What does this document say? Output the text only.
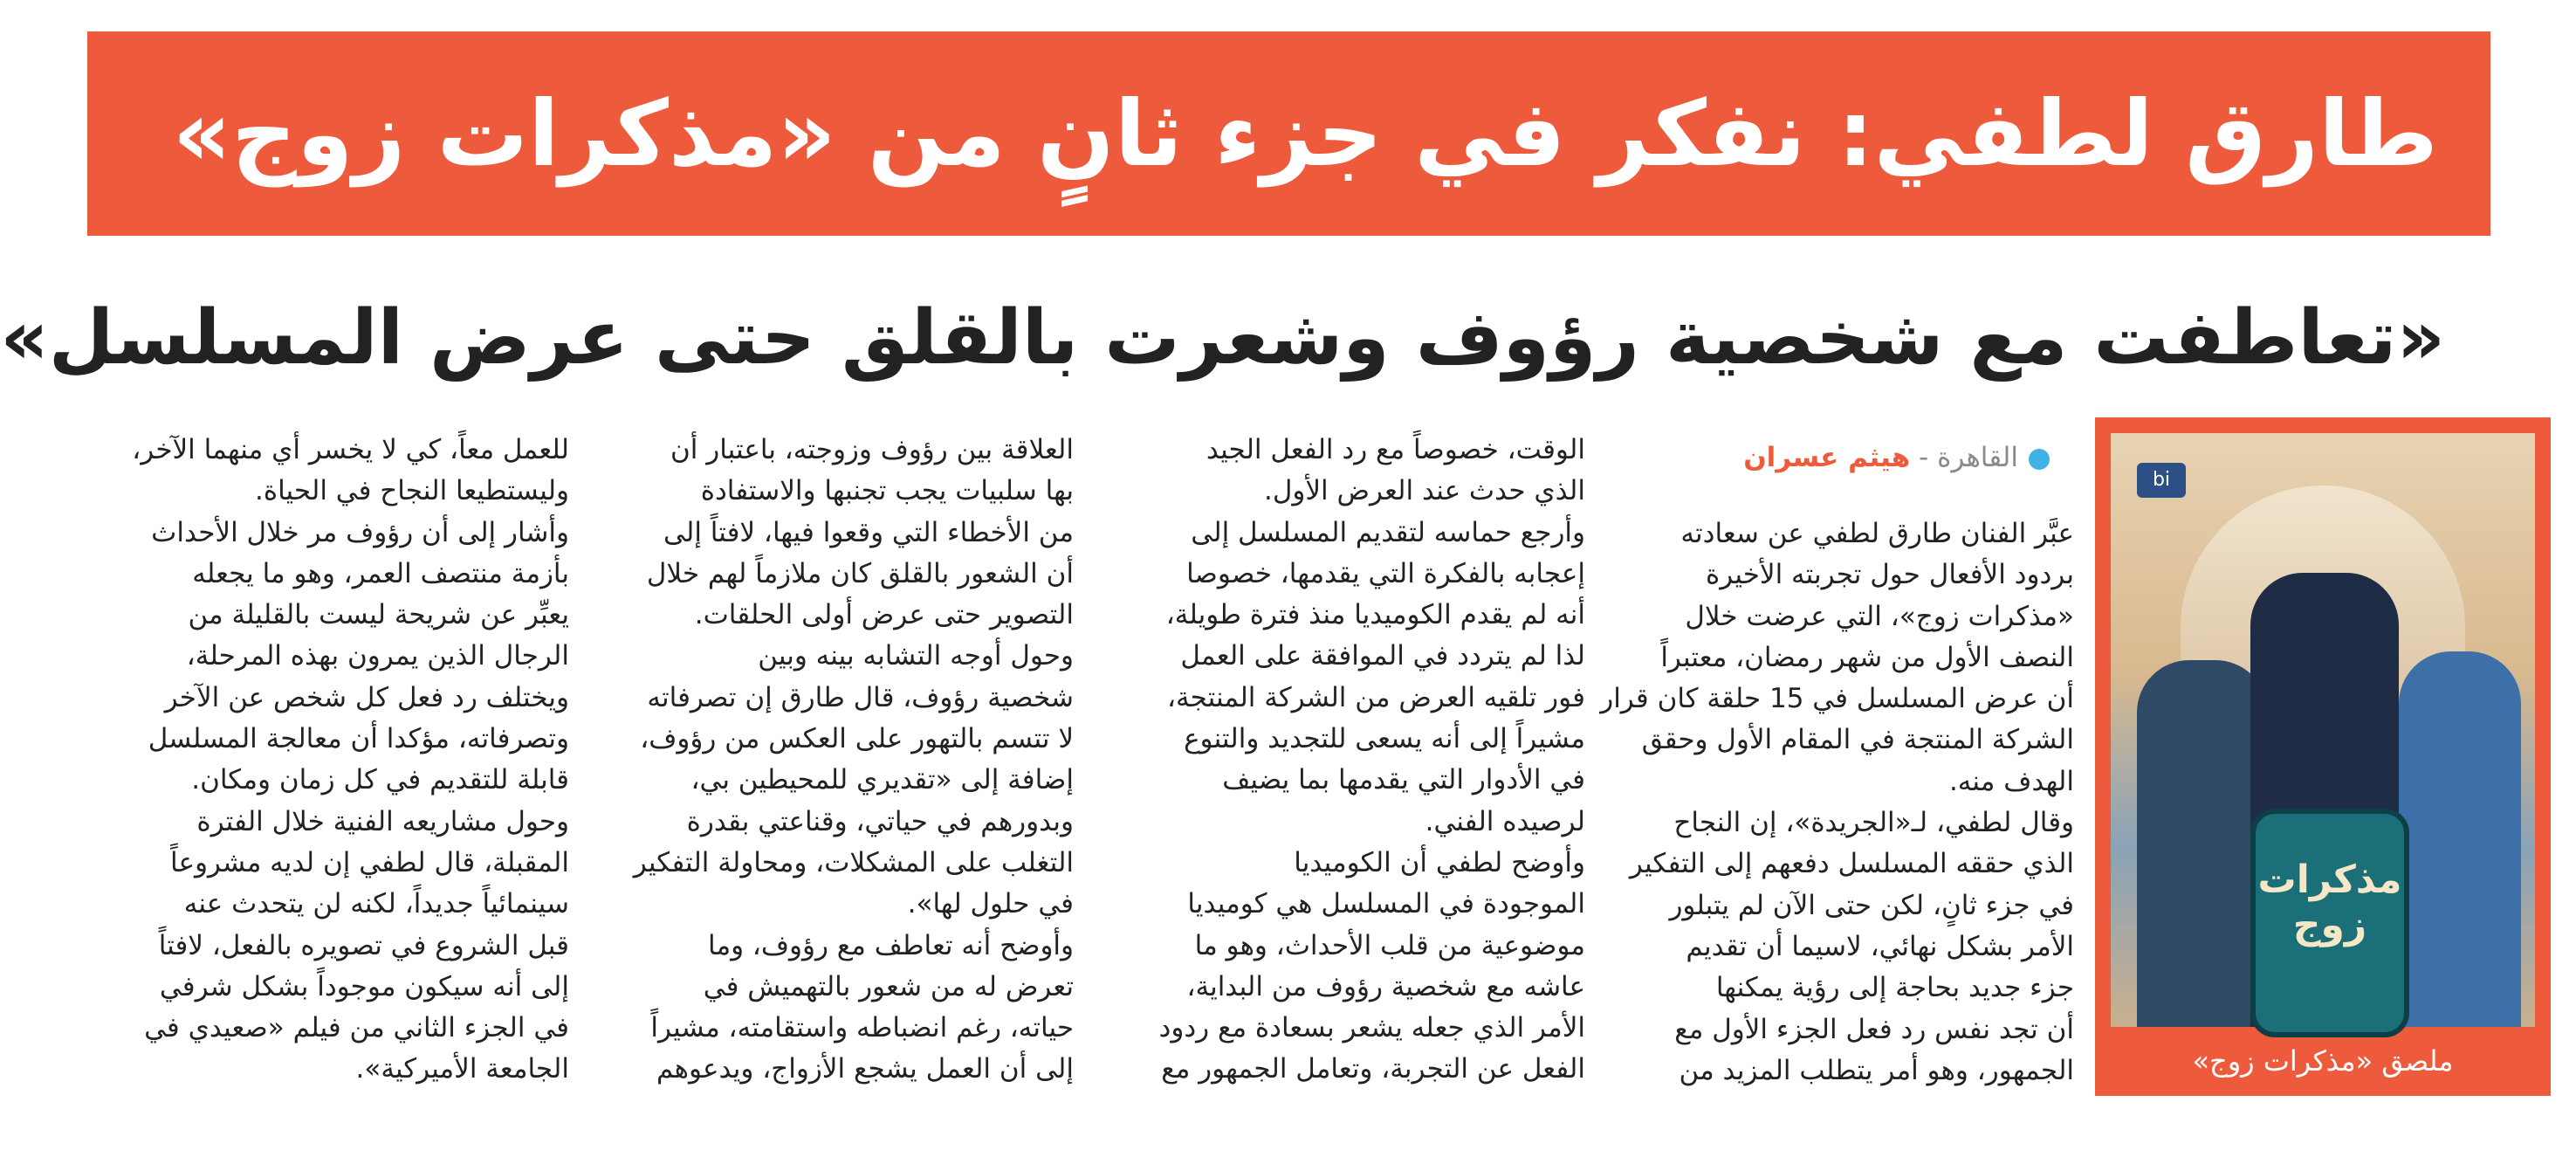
طارق لطفي: نفكر في جزء ثانٍ من «مذكرات زوج»
«تعاطفت مع شخصية رؤوف وشعرت بالقلق حتى عرض المسلسل»
bi
مذكرات زوج
ملصق «مذكرات زوج»
القاهرة - هيثم عسران
عبَّر الفنان طارق لطفي عن سعادته
بردود الأفعال حول تجربته الأخيرة
«مذكرات زوج»، التي عرضت خلال
النصف الأول من شهر رمضان، معتبراً
أن عرض المسلسل في 15 حلقة كان قرار
الشركة المنتجة في المقام الأول وحقق
الهدف منه.
وقال لطفي، لـ«الجريدة»، إن النجاح
الذي حققه المسلسل دفعهم إلى التفكير
في جزء ثانٍ، لكن حتى الآن لم يتبلور
الأمر بشكل نهائي، لاسيما أن تقديم
جزء جديد بحاجة إلى رؤية يمكنها
أن تجد نفس رد فعل الجزء الأول مع
الجمهور، وهو أمر يتطلب المزيد من
الوقت، خصوصاً مع رد الفعل الجيد
الذي حدث عند العرض الأول.
وأرجع حماسه لتقديم المسلسل إلى
إعجابه بالفكرة التي يقدمها، خصوصا
أنه لم يقدم الكوميديا منذ فترة طويلة،
لذا لم يتردد في الموافقة على العمل
فور تلقيه العرض من الشركة المنتجة،
مشيراً إلى أنه يسعى للتجديد والتنوع
في الأدوار التي يقدمها بما يضيف
لرصيده الفني.
وأوضح لطفي أن الكوميديا
الموجودة في المسلسل هي كوميديا
موضوعية من قلب الأحداث، وهو ما
عاشه مع شخصية رؤوف من البداية،
الأمر الذي جعله يشعر بسعادة مع ردود
الفعل عن التجربة، وتعامل الجمهور مع
العلاقة بين رؤوف وزوجته، باعتبار أن
بها سلبيات يجب تجنبها والاستفادة
من الأخطاء التي وقعوا فيها، لافتاً إلى
أن الشعور بالقلق كان ملازماً لهم خلال
التصوير حتى عرض أولى الحلقات.
وحول أوجه التشابه بينه وبين
شخصية رؤوف، قال طارق إن تصرفاته
لا تتسم بالتهور على العكس من رؤوف،
إضافة إلى «تقديري للمحيطين بي،
وبدورهم في حياتي، وقناعتي بقدرة
التغلب على المشكلات، ومحاولة التفكير
في حلول لها».
وأوضح أنه تعاطف مع رؤوف، وما
تعرض له من شعور بالتهميش في
حياته، رغم انضباطه واستقامته، مشيراً
إلى أن العمل يشجع الأزواج، ويدعوهم
للعمل معاً، كي لا يخسر أي منهما الآخر،
وليستطيعا النجاح في الحياة.
وأشار إلى أن رؤوف مر خلال الأحداث
بأزمة منتصف العمر، وهو ما يجعله
يعبِّر عن شريحة ليست بالقليلة من
الرجال الذين يمرون بهذه المرحلة،
ويختلف رد فعل كل شخص عن الآخر
وتصرفاته، مؤكدا أن معالجة المسلسل
قابلة للتقديم في كل زمان ومكان.
وحول مشاريعه الفنية خلال الفترة
المقبلة، قال لطفي إن لديه مشروعاً
سينمائياً جديداً، لكنه لن يتحدث عنه
قبل الشروع في تصويره بالفعل، لافتاً
إلى أنه سيكون موجوداً بشكل شرفي
في الجزء الثاني من فيلم «صعيدي في
الجامعة الأميركية».
